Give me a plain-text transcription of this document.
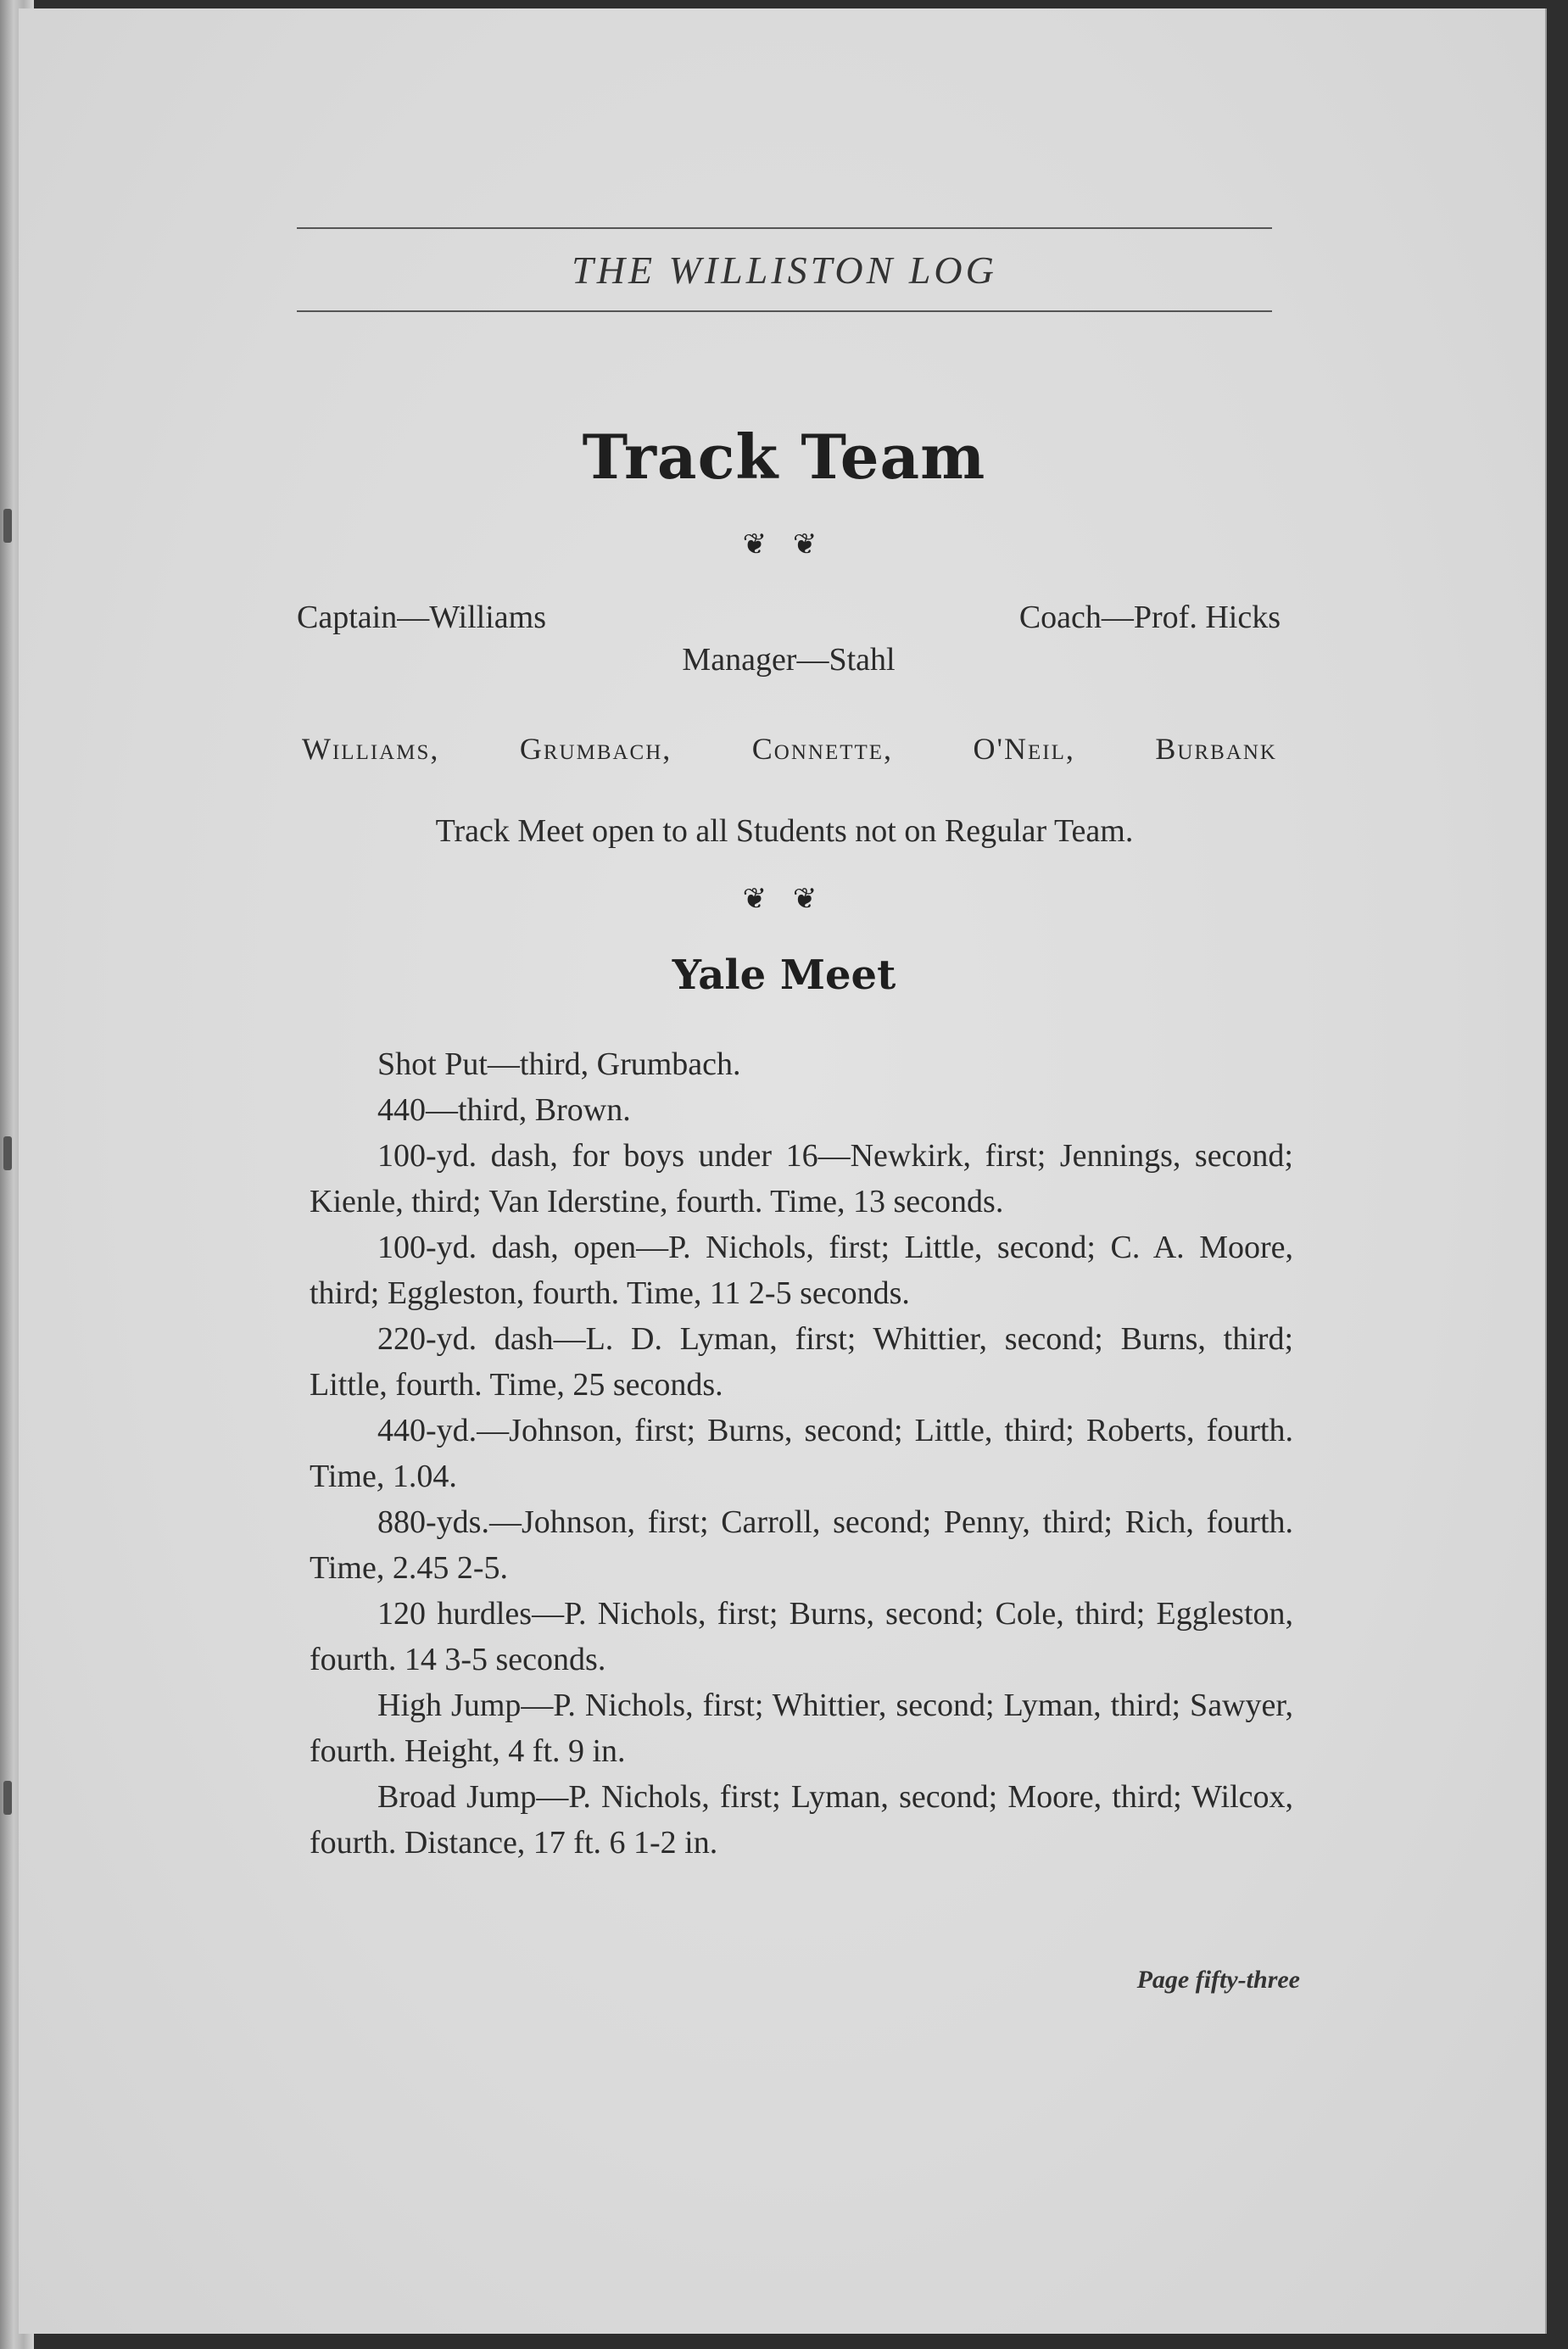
THE WILLISTON LOG
Track Team
❦ ❦
Captain—Williams	Coach—Prof. Hicks
Manager—Stahl
Williams,	Grumbach,	Connette,	O'Neil,	Burbank
Track Meet open to all Students not on Regular Team.
❦ ❦
Yale Meet

Shot Put—third, Grumbach.

440—third, Brown.

100-yd. dash, for boys under 16—Newkirk, first; Jennings, second; Kienle, third; Van Iderstine, fourth. Time, 13 seconds.

100-yd. dash, open—P. Nichols, first; Little, second; C. A. Moore, third; Eggleston, fourth. Time, 11 2-5 seconds.

220-yd. dash—L. D. Lyman, first; Whittier, second; Burns, third; Little, fourth. Time, 25 seconds.

440-yd.—Johnson, first; Burns, second; Little, third; Roberts, fourth. Time, 1.04.

880-yds.—Johnson, first; Carroll, second; Penny, third; Rich, fourth. Time, 2.45 2-5.

120 hurdles—P. Nichols, first; Burns, second; Cole, third; Eggleston, fourth. 14 3-5 seconds.

High Jump—P. Nichols, first; Whittier, second; Lyman, third; Sawyer, fourth. Height, 4 ft. 9 in.

Broad Jump—P. Nichols, first; Lyman, second; Moore, third; Wilcox, fourth. Distance, 17 ft. 6 1-2 in.

Page fifty-three
